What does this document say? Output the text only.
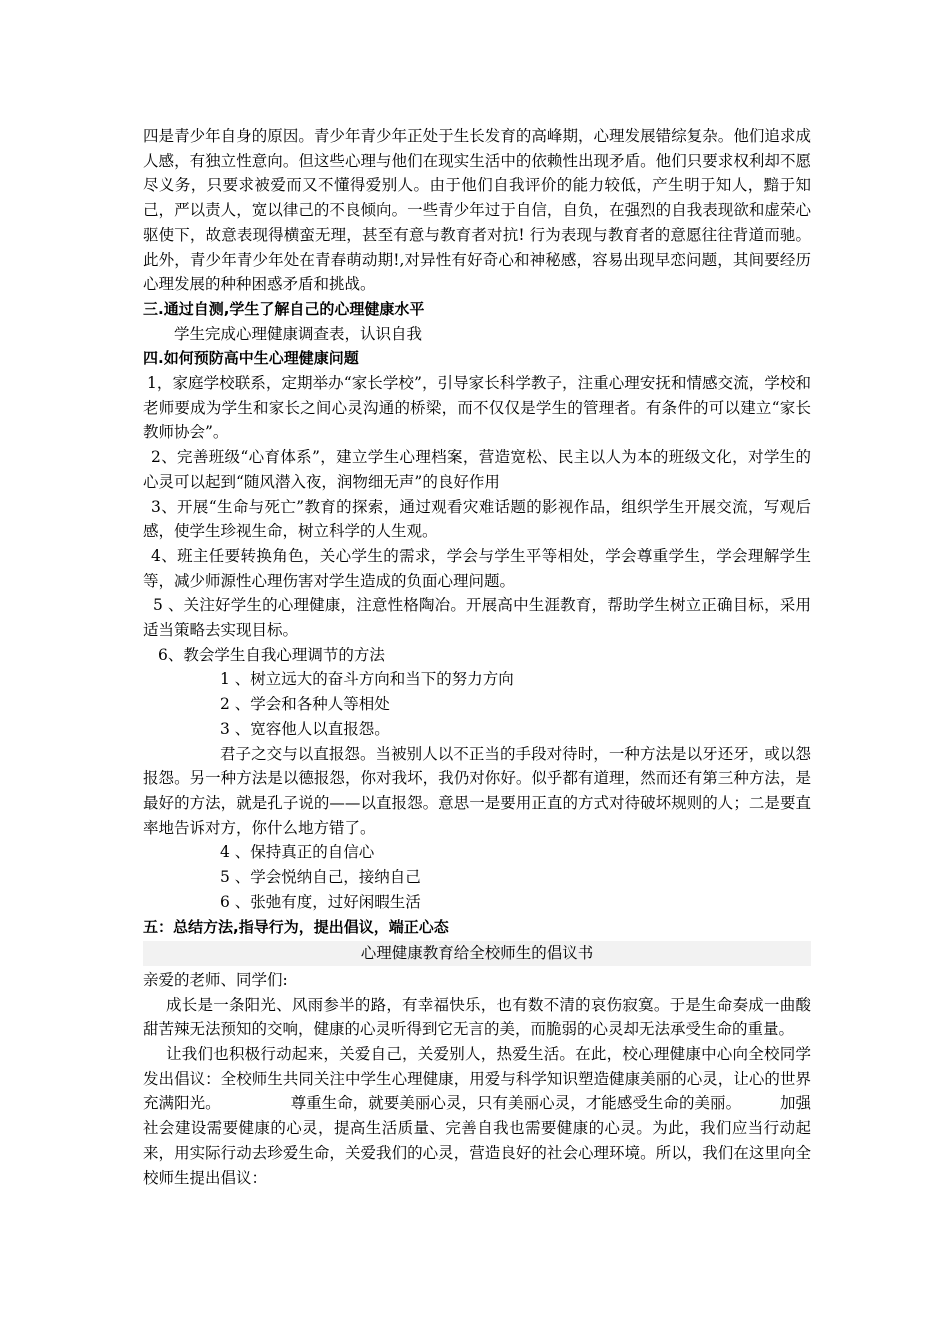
四是青少年自身的原因。青少年青少年正处于生长发育的高峰期，心理发展错综复杂。他们追求成人感，有独立性意向。但这些心理与他们在现实生活中的依赖性出现矛盾。他们只要求权利却不愿尽义务，只要求被爱而又不懂得爱别人。由于他们自我评价的能力较低，产生明于知人，黯于知己，严以责人，宽以律己的不良倾向。一些青少年过于自信，自负，在强烈的自我表现欲和虚荣心驱使下，故意表现得横蛮无理，甚至有意与教育者对抗! 行为表现与教育者的意愿往往背道而驰。此外，青少年青少年处在青春萌动期!,对异性有好奇心和神秘感，容易出现早恋问题，其间要经历心理发展的种种困惑矛盾和挑战。

三.通过自测,学生了解自己的心理健康水平

学生完成心理健康调查表，认识自我

四.如何预防高中生心理健康问题

1，家庭学校联系，定期举办“家长学校”，引导家长科学教子，注重心理安抚和情感交流，学校和老师要成为学生和家长之间心灵沟通的桥梁，而不仅仅是学生的管理者。有条件的可以建立“家长教师协会”。

2、完善班级“心育体系”，建立学生心理档案，营造宽松、民主以人为本的班级文化，对学生的心灵可以起到“随风潜入夜，润物细无声”的良好作用

3、开展“生命与死亡”教育的探索，通过观看灾难话题的影视作品，组织学生开展交流，写观后感，使学生珍视生命，树立科学的人生观。

4、班主任要转换角色，关心学生的需求，学会与学生平等相处，学会尊重学生，学会理解学生等，减少师源性心理伤害对学生造成的负面心理问题。

5 、关注好学生的心理健康，注意性格陶冶。开展高中生涯教育，帮助学生树立正确目标，采用适当策略去实现目标。

6、教会学生自我心理调节的方法

1 、树立远大的奋斗方向和当下的努力方向

2 、学会和各种人等相处

3 、宽容他人以直报怨。

君子之交与以直报怨。当被别人以不正当的手段对待时，一种方法是以牙还牙，或以怨报怨。另一种方法是以德报怨，你对我坏，我仍对你好。似乎都有道理，然而还有第三种方法，是最好的方法，就是孔子说的——以直报怨。意思一是要用正直的方式对待破坏规则的人；二是要直率地告诉对方，你什么地方错了。

4 、保持真正的自信心

5 、学会悦纳自己，接纳自己

6 、张弛有度，过好闲暇生活

五：总结方法,指导行为，提出倡议，端正心态

心理健康教育给全校师生的倡议书

亲爱的老师、同学们:

成长是一条阳光、风雨参半的路，有幸福快乐，也有数不清的哀伤寂寞。于是生命奏成一曲酸甜苦辣无法预知的交响，健康的心灵听得到它无言的美，而脆弱的心灵却无法承受生命的重量。

让我们也积极行动起来，关爱自己，关爱别人，热爱生活。在此，校心理健康中心向全校同学发出倡议：全校师生共同关注中学生心理健康，用爱与科学知识塑造健康美丽的心灵，让心的世界充满阳光。　　　　　尊重生命，就要美丽心灵，只有美丽心灵，才能感受生命的美丽。　　　加强社会建设需要健康的心灵，提高生活质量、完善自我也需要健康的心灵。为此，我们应当行动起来，用实际行动去珍爱生命，关爱我们的心灵，营造良好的社会心理环境。所以，我们在这里向全校师生提出倡议：
